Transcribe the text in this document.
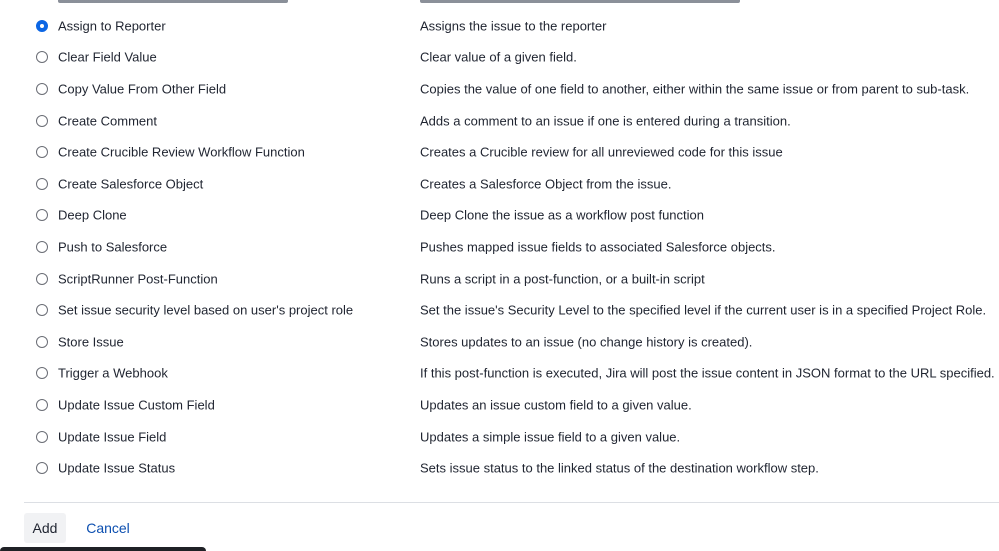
Assign to Reporter	Assigns the issue to the reporter
Clear Field Value	Clear value of a given field.
Copy Value From Other Field	Copies the value of one field to another, either within the same issue or from parent to sub-task.
Create Comment	Adds a comment to an issue if one is entered during a transition.
Create Crucible Review Workflow Function	Creates a Crucible review for all unreviewed code for this issue
Create Salesforce Object	Creates a Salesforce Object from the issue.
Deep Clone	Deep Clone the issue as a workflow post function
Push to Salesforce	Pushes mapped issue fields to associated Salesforce objects.
ScriptRunner Post-Function	Runs a script in a post-function, or a built-in script
Set issue security level based on user's project role	Set the issue's Security Level to the specified level if the current user is in a specified Project Role.
Store Issue	Stores updates to an issue (no change history is created).
Trigger a Webhook	If this post-function is executed, Jira will post the issue content in JSON format to the URL specified.
Update Issue Custom Field	Updates an issue custom field to a given value.
Update Issue Field	Updates a simple issue field to a given value.
Update Issue Status	Sets issue status to the linked status of the destination workflow step.
Add	Cancel
